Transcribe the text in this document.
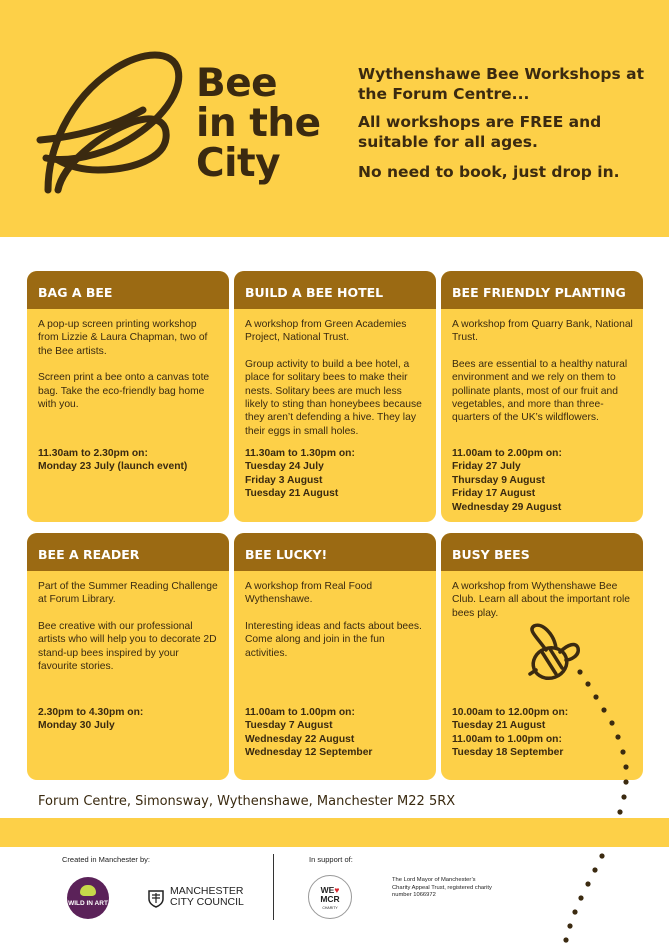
Bee
in the
City

Wythenshawe Bee Workshops at the Forum Centre...

All workshops are FREE and suitable for all ages.

No need to book, just drop in.

BAG A BEE

A pop-up screen printing workshop from Lizzie & Laura Chapman, two of the Bee artists.

Screen print a bee onto a canvas tote bag. Take the eco-friendly bag home with you.

11.30am to 2.30pm on:
Monday 23 July (launch event)
BUILD A BEE HOTEL

A workshop from Green Academies Project, National Trust.

Group activity to build a bee hotel, a place for solitary bees to make their nests. Solitary bees are much less likely to sting than honeybees because they aren’t defending a hive. They lay their eggs in small holes.

11.30am to 1.30pm on:
Tuesday 24 July
Friday 3 August
Tuesday 21 August
BEE FRIENDLY PLANTING

A workshop from Quarry Bank, National Trust.

Bees are essential to a healthy natural environment and we rely on them to pollinate plants, most of our fruit and vegetables, and more than three-quarters of the UK’s wildflowers.

11.00am to 2.00pm on:
Friday 27 July
Thursday 9 August
Friday 17 August
Wednesday 29 August
BEE A READER

Part of the Summer Reading Challenge at Forum Library.

Bee creative with our professional artists who will help you to decorate 2D stand-up bees inspired by your favourite stories.

2.30pm to 4.30pm on:
Monday 30 July
BEE LUCKY!

A workshop from Real Food Wythenshawe.

Interesting ideas and facts about bees. Come along and join in the fun activities.

11.00am to 1.00pm on:
Tuesday 7 August
Wednesday 22 August
Wednesday 12 September
BUSY BEES

A workshop from Wythenshawe Bee Club. Learn all about the important role bees play.

10.00am to 12.00pm on:
Tuesday 21 August
11.00am to 1.00pm on:
Tuesday 18 September
Forum Centre, Simonsway, Wythenshawe, Manchester M22 5RX
Created in Manchester by:	In support of:
WILD IN ART
MANCHESTER
CITY COUNCIL
WE♥
MCR
CHARITY
The Lord Mayor of Manchester’s Charity Appeal Trust, registered charity number 1066972
